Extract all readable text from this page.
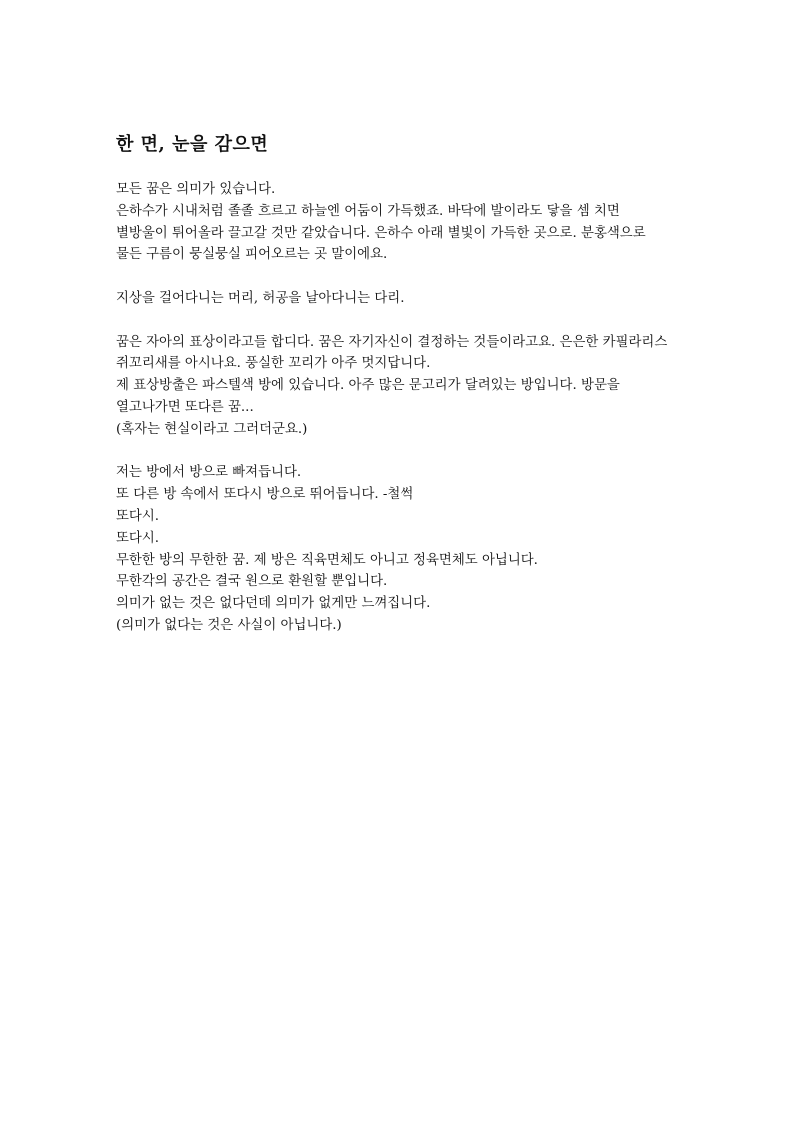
한 면, 눈을 감으면
모든 꿈은 의미가 있습니다.
은하수가 시내처럼 졸졸 흐르고 하늘엔 어둠이 가득했죠. 바닥에 발이라도 닿을 셈 치면
별방울이 튀어올라 끌고갈 것만 같았습니다. 은하수 아래 별빛이 가득한 곳으로. 분홍색으로
물든 구름이 뭉실뭉실 피어오르는 곳 말이에요.
지상을 걸어다니는 머리, 허공을 날아다니는 다리.
꿈은 자아의 표상이라고들 합디다. 꿈은 자기자신이 결정하는 것들이라고요. 은은한 카필라리스
쥐꼬리새를 아시나요. 풍실한 꼬리가 아주 멋지답니다.
제 표상방출은 파스텔색 방에 있습니다. 아주 많은 문고리가 달려있는 방입니다. 방문을
열고나가면 또다른 꿈...
(혹자는 현실이라고 그러더군요.)
저는 방에서 방으로 빠져듭니다.
또 다른 방 속에서 또다시 방으로 뛰어듭니다. -철썩
또다시.
또다시.
무한한 방의 무한한 꿈. 제 방은 직육면체도 아니고 정육면체도 아닙니다.
무한각의 공간은 결국 원으로 환원할 뿐입니다.
의미가 없는 것은 없다던데 의미가 없게만 느껴집니다.
(의미가 없다는 것은 사실이 아닙니다.)
